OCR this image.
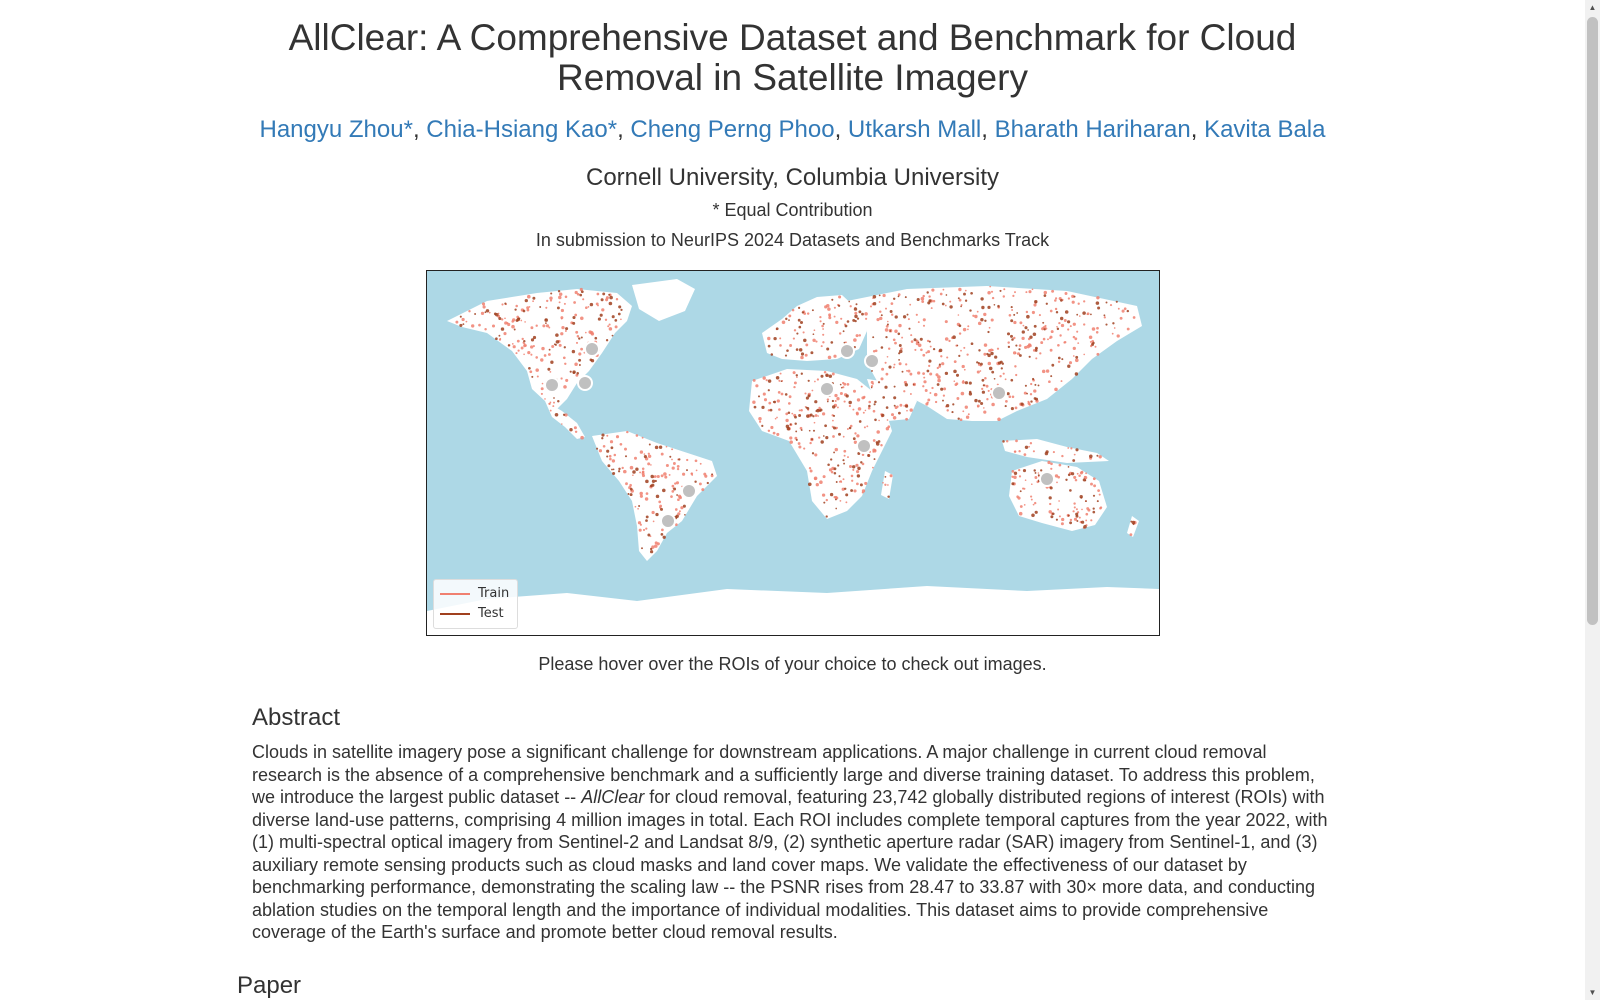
AllClear: A Comprehensive Dataset and Benchmark for Cloud Removal in Satellite Imagery
Hangyu Zhou*, Chia-Hsiang Kao*, Cheng Perng Phoo, Utkarsh Mall, Bharath Hariharan, Kavita Bala
Cornell University, Columbia University
* Equal Contribution
In submission to NeurIPS 2024 Datasets and Benchmarks Track
Train
Test
Please hover over the ROIs of your choice to check out images.
Abstract

Clouds in satellite imagery pose a significant challenge for downstream applications. A major challenge in current cloud removal research is the absence of a comprehensive benchmark and a sufficiently large and diverse training dataset. To address this problem, we introduce the largest public dataset -- AllClear for cloud removal, featuring 23,742 globally distributed regions of interest (ROIs) with diverse land-use patterns, comprising 4 million images in total. Each ROI includes complete temporal captures from the year 2022, with (1) multi-spectral optical imagery from Sentinel-2 and Landsat 8/9, (2) synthetic aperture radar (SAR) imagery from Sentinel-1, and (3) auxiliary remote sensing products such as cloud masks and land cover maps. We validate the effectiveness of our dataset by benchmarking performance, demonstrating the scaling law -- the PSNR rises from 28.47 to 33.87 with 30× more data, and conducting ablation studies on the temporal length and the importance of individual modalities. This dataset aims to provide comprehensive coverage of the Earth's surface and promote better cloud removal results.

Paper
▲
▼
